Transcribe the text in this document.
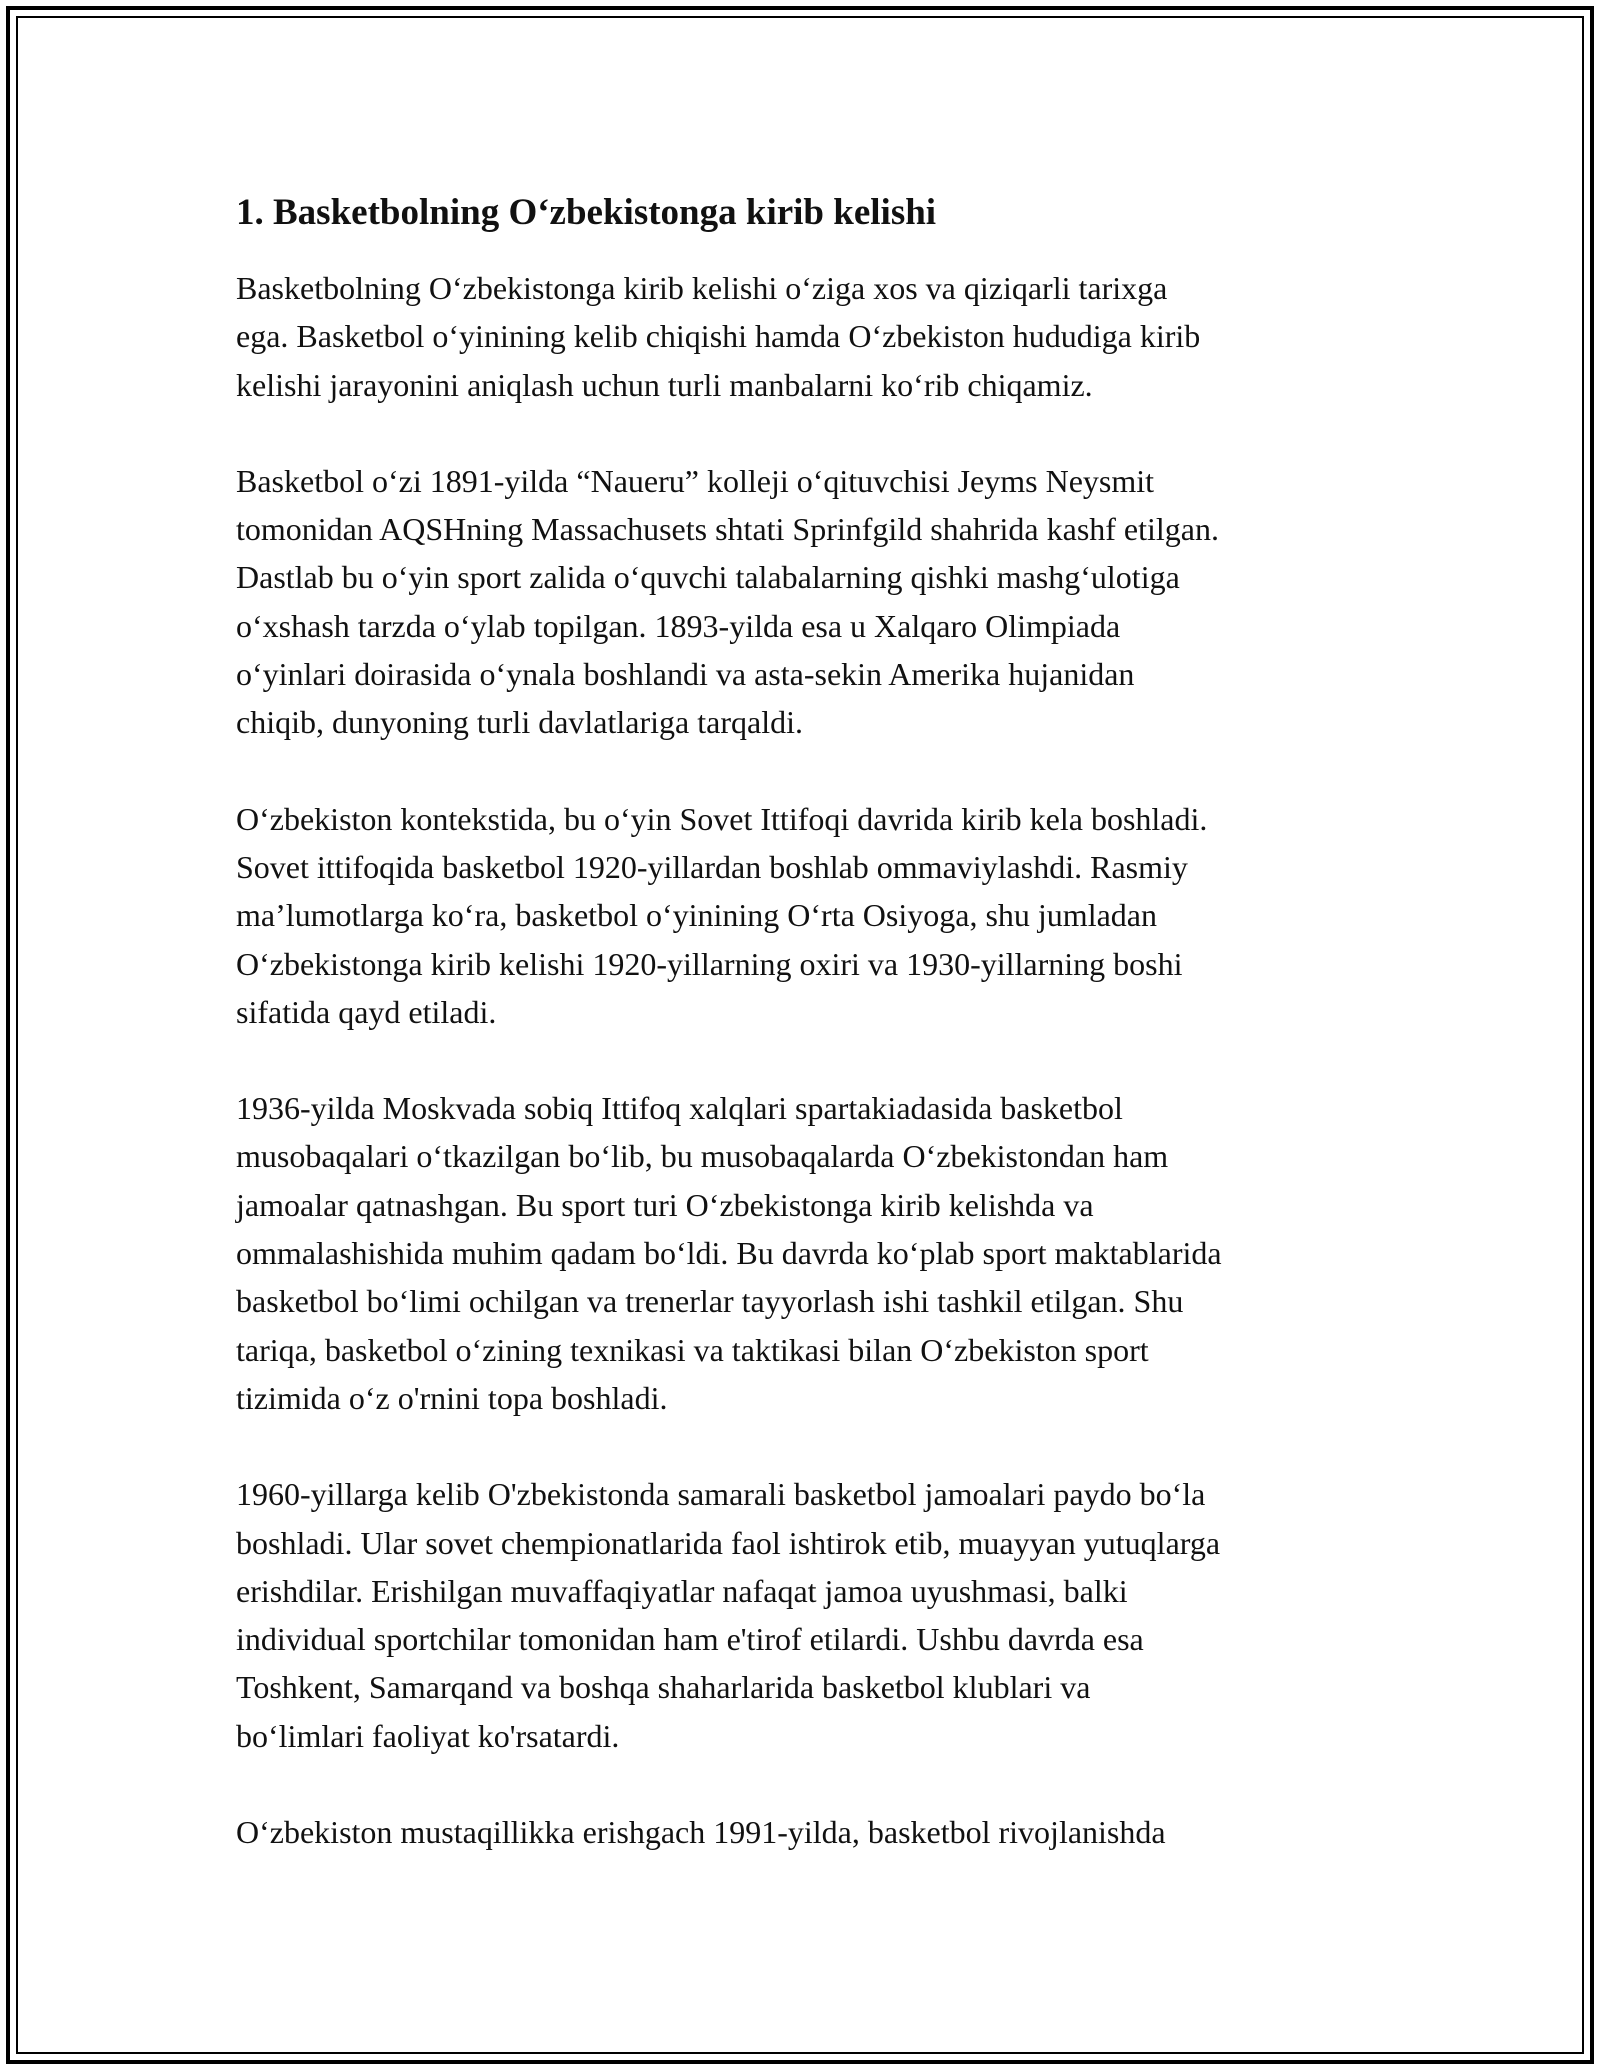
1. Basketbolning Oʻzbekistonga kirib kelishi

Basketbolning Oʻzbekistonga kirib kelishi oʻziga xos va qiziqarli tarixga
ega. Basketbol oʻyinining kelib chiqishi hamda Oʻzbekiston hududiga kirib
kelishi jarayonini aniqlash uchun turli manbalarni koʻrib chiqamiz.

Basketbol oʻzi 1891-yilda “Naueru” kolleji oʻqituvchisi Jeyms Neysmit
tomonidan AQSHning Massachusets shtati Sprinfgild shahrida kashf etilgan.
Dastlab bu oʻyin sport zalida oʻquvchi talabalarning qishki mashgʻulotiga
oʻxshash tarzda oʻylab topilgan. 1893-yilda esa u Xalqaro Olimpiada
oʻyinlari doirasida oʻynala boshlandi va asta-sekin Amerika hujanidan
chiqib, dunyoning turli davlatlariga tarqaldi.

Oʻzbekiston kontekstida, bu oʻyin Sovet Ittifoqi davrida kirib kela boshladi.
Sovet ittifoqida basketbol 1920-yillardan boshlab ommaviylashdi. Rasmiy
ma’lumotlarga koʻra, basketbol oʻyinining Oʻrta Osiyoga, shu jumladan
Oʻzbekistonga kirib kelishi 1920-yillarning oxiri va 1930-yillarning boshi
sifatida qayd etiladi.

1936-yilda Moskvada sobiq Ittifoq xalqlari spartakiadasida basketbol
musobaqalari oʻtkazilgan boʻlib, bu musobaqalarda Oʻzbekistondan ham
jamoalar qatnashgan. Bu sport turi Oʻzbekistonga kirib kelishda va
ommalashishida muhim qadam boʻldi. Bu davrda koʻplab sport maktablarida
basketbol boʻlimi ochilgan va trenerlar tayyorlash ishi tashkil etilgan. Shu
tariqa, basketbol oʻzining texnikasi va taktikasi bilan Oʻzbekiston sport
tizimida oʻz o'rnini topa boshladi.

1960-yillarga kelib O'zbekistonda samarali basketbol jamoalari paydo boʻla
boshladi. Ular sovet chempionatlarida faol ishtirok etib, muayyan yutuqlarga
erishdilar. Erishilgan muvaffaqiyatlar nafaqat jamoa uyushmasi, balki
individual sportchilar tomonidan ham e'tirof etilardi. Ushbu davrda esa
Toshkent, Samarqand va boshqa shaharlarida basketbol klublari va
boʻlimlari faoliyat ko'rsatardi.

Oʻzbekiston mustaqillikka erishgach 1991-yilda, basketbol rivojlanishda
